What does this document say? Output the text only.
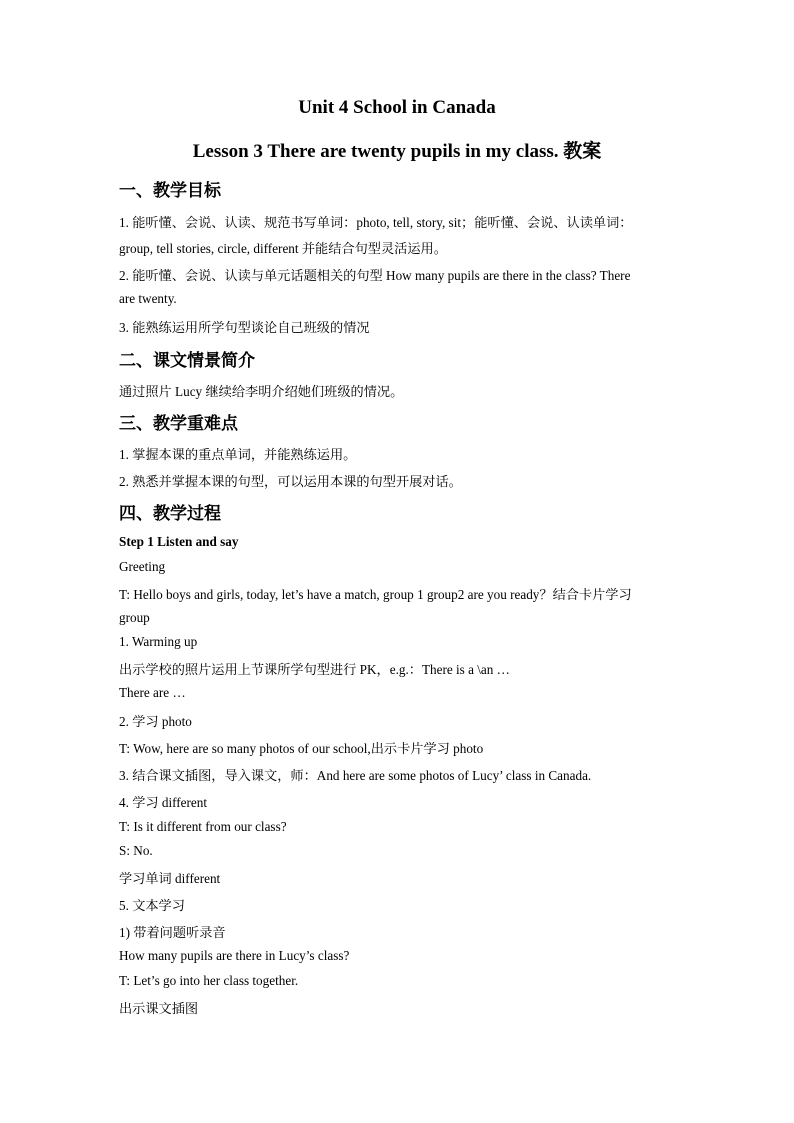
Unit 4 School in Canada
Lesson 3 There are twenty pupils in my class. 教案
一、教学目标
1. 能听懂、会说、认读、规范书写单词：photo, tell, story, sit；能听懂、会说、认读单词：
group, tell stories, circle, different 并能结合句型灵活运用。
2. 能听懂、会说、认读与单元话题相关的句型 How many pupils are there in the class? There
are twenty.
3. 能熟练运用所学句型谈论自己班级的情况
二、课文情景简介
通过照片 Lucy 继续给李明介绍她们班级的情况。
三、教学重难点
1. 掌握本课的重点单词，并能熟练运用。
2. 熟悉并掌握本课的句型，可以运用本课的句型开展对话。
四、教学过程
Step 1 Listen and say
Greeting
T: Hello boys and girls, today, let’s have a match, group 1 group2 are you ready？结合卡片学习
group
1. Warming up
出示学校的照片运用上节课所学句型进行 PK，e.g.：There is a \an …
There are …
2. 学习 photo
T: Wow, here are so many photos of our school,出示卡片学习 photo
3. 结合课文插图，导入课文，师：And here are some photos of Lucy’ class in Canada.
4. 学习 different
T: Is it different from our class?
S: No.
学习单词 different
5. 文本学习
1) 带着问题听录音
How many pupils are there in Lucy’s class?
T: Let’s go into her class together.
出示课文插图
